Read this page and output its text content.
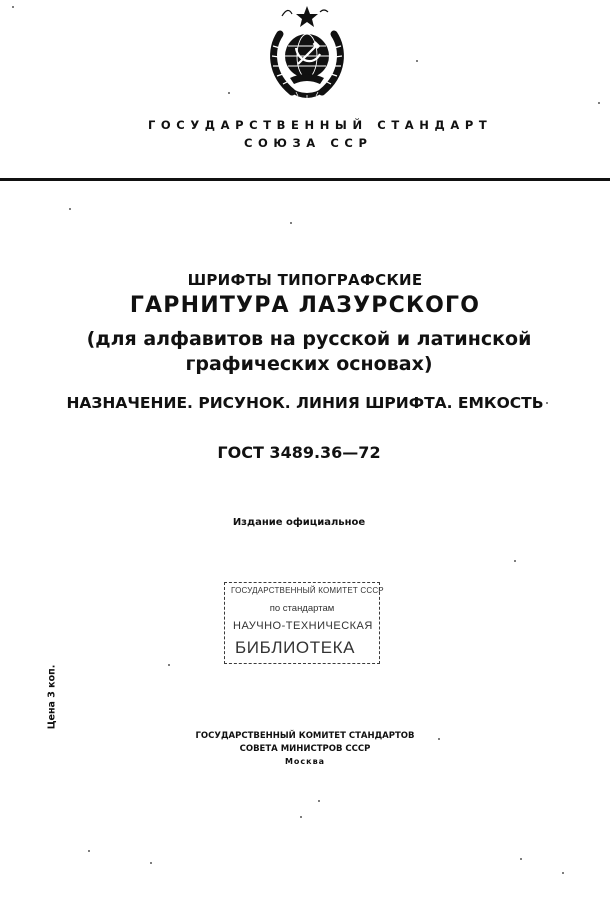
ГОСУДАРСТВЕННЫЙ СТАНДАРТ
СОЮЗА ССР
ШРИФТЫ ТИПОГРАФСКИЕ
ГАРНИТУРА ЛАЗУРСКОГО
(для алфавитов на русской и латинской
графических основах)
НАЗНАЧЕНИЕ. РИСУНОК. ЛИНИЯ ШРИФТА. ЕМКОСТЬ
ГОСТ 3489.36—72
Издание официальное
ГОСУДАРСТВЕННЫЙ КОМИТЕТ СССР
по стандартам
НАУЧНО-ТЕХНИЧЕСКАЯ
БИБЛИОТЕКА
Цена 3 коп.
ГОСУДАРСТВЕННЫЙ КОМИТЕТ СТАНДАРТОВ
СОВЕТА МИНИСТРОВ СССР
Москва
